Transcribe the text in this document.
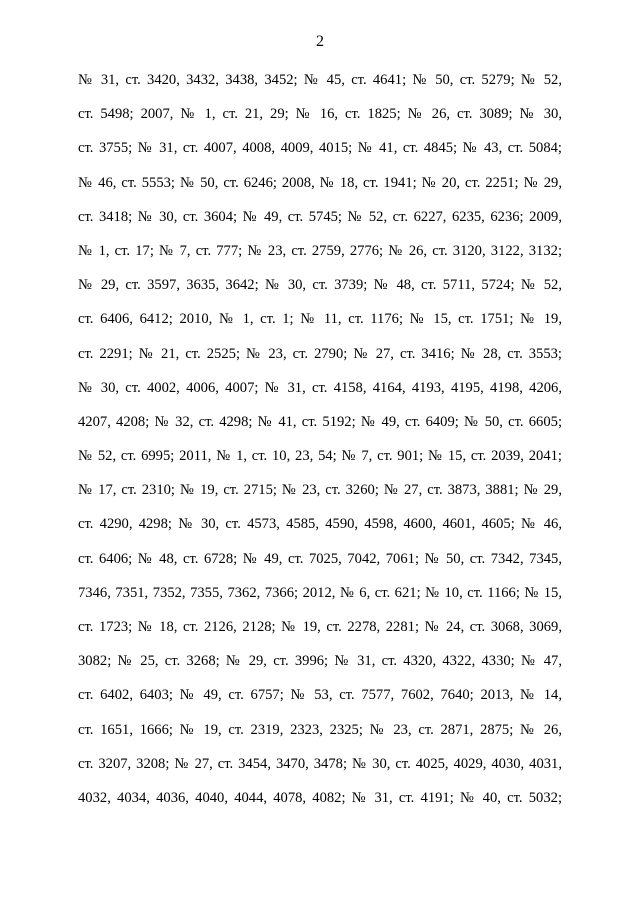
2
№ 31, ст. 3420, 3432, 3438, 3452; № 45, ст. 4641; № 50, ст. 5279; № 52,
ст. 5498; 2007, № 1, ст. 21, 29; № 16, ст. 1825; № 26, ст. 3089; № 30,
ст. 3755; № 31, ст. 4007, 4008, 4009, 4015; № 41, ст. 4845; № 43, ст. 5084;
№ 46, ст. 5553; № 50, ст. 6246; 2008, № 18, ст. 1941; № 20, ст. 2251; № 29,
ст. 3418; № 30, ст. 3604; № 49, ст. 5745; № 52, ст. 6227, 6235, 6236; 2009,
№ 1, ст. 17; № 7, ст. 777; № 23, ст. 2759, 2776; № 26, ст. 3120, 3122, 3132;
№ 29, ст. 3597, 3635, 3642; № 30, ст. 3739; № 48, ст. 5711, 5724; № 52,
ст. 6406, 6412; 2010, № 1, ст. 1; № 11, ст. 1176; № 15, ст. 1751; № 19,
ст. 2291; № 21, ст. 2525; № 23, ст. 2790; № 27, ст. 3416; № 28, ст. 3553;
№ 30, ст. 4002, 4006, 4007; № 31, ст. 4158, 4164, 4193, 4195, 4198, 4206,
4207, 4208; № 32, ст. 4298; № 41, ст. 5192; № 49, ст. 6409; № 50, ст. 6605;
№ 52, ст. 6995; 2011, № 1, ст. 10, 23, 54; № 7, ст. 901; № 15, ст. 2039, 2041;
№ 17, ст. 2310; № 19, ст. 2715; № 23, ст. 3260; № 27, ст. 3873, 3881; № 29,
ст. 4290, 4298; № 30, ст. 4573, 4585, 4590, 4598, 4600, 4601, 4605; № 46,
ст. 6406; № 48, ст. 6728; № 49, ст. 7025, 7042, 7061; № 50, ст. 7342, 7345,
7346, 7351, 7352, 7355, 7362, 7366; 2012, № 6, ст. 621; № 10, ст. 1166; № 15,
ст. 1723; № 18, ст. 2126, 2128; № 19, ст. 2278, 2281; № 24, ст. 3068, 3069,
3082; № 25, ст. 3268; № 29, ст. 3996; № 31, ст. 4320, 4322, 4330; № 47,
ст. 6402, 6403; № 49, ст. 6757; № 53, ст. 7577, 7602, 7640; 2013, № 14,
ст. 1651, 1666; № 19, ст. 2319, 2323, 2325; № 23, ст. 2871, 2875; № 26,
ст. 3207, 3208; № 27, ст. 3454, 3470, 3478; № 30, ст. 4025, 4029, 4030, 4031,
4032, 4034, 4036, 4040, 4044, 4078, 4082; № 31, ст. 4191; № 40, ст. 5032;
